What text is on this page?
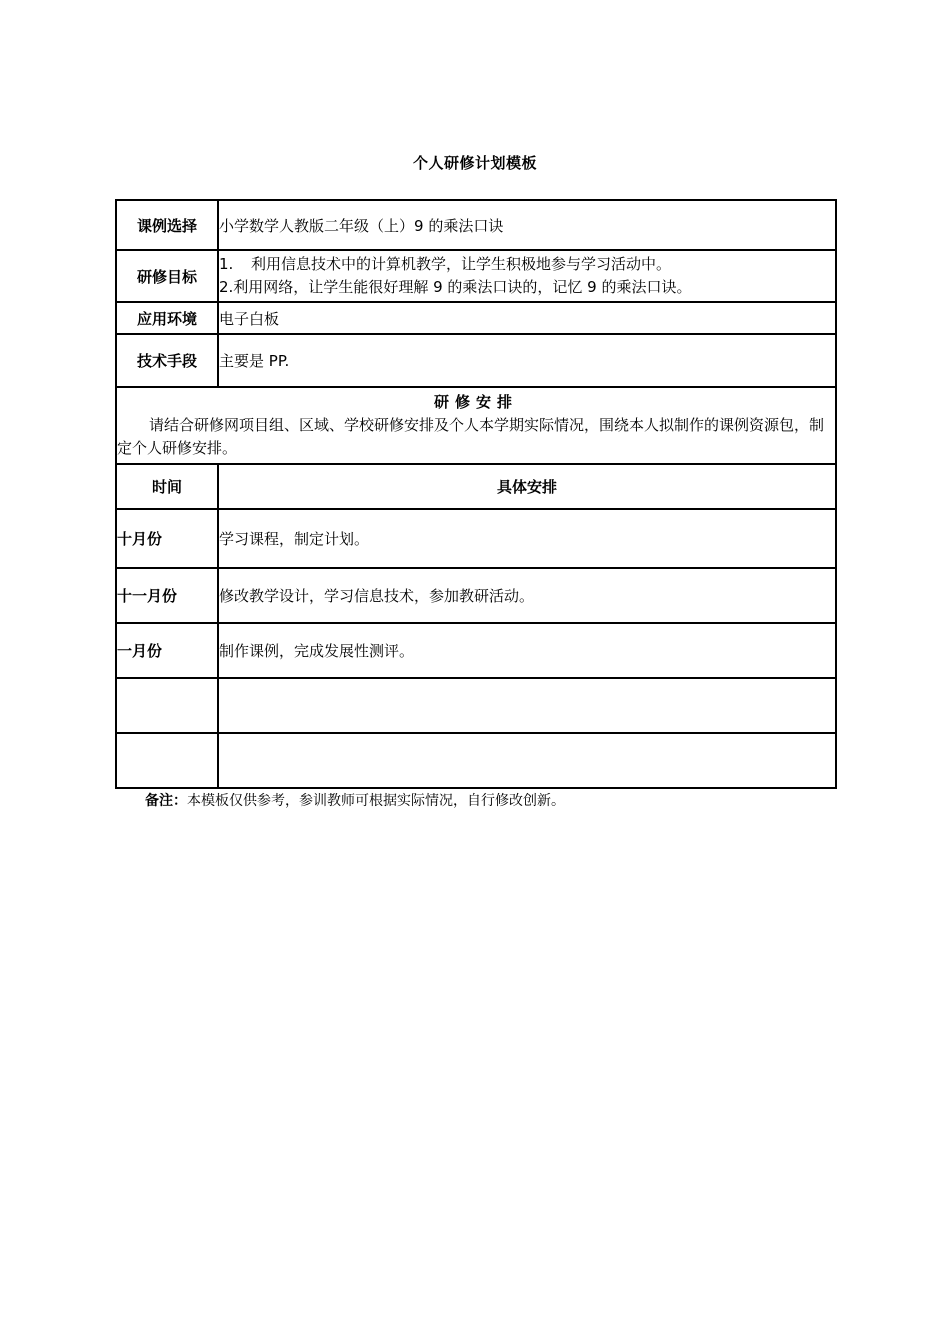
个人研修计划模板
课例选择	小学数学人教版二年级（上）9 的乘法口诀
研修目标	1. 利用信息技术中的计算机教学，让学生积极地参与学习活动中。
2.利用网络，让学生能很好理解 9 的乘法口诀的，记忆 9 的乘法口诀。

应用环境	电子白板
技术手段	主要是 PP.

研修安排
请结合研修网项目组、区域、学校研修安排及个人本学期实际情况，围绕本人拟制作的课例资源包，制定个人研修安排。	

时间	具体安排
十月份	学习课程，制定计划。
十一月份	修改教学设计，学习信息技术，参加教研活动。
一月份	制作课例，完成发展性测评。

备注：本模板仅供参考，参训教师可根据实际情况，自行修改创新。
